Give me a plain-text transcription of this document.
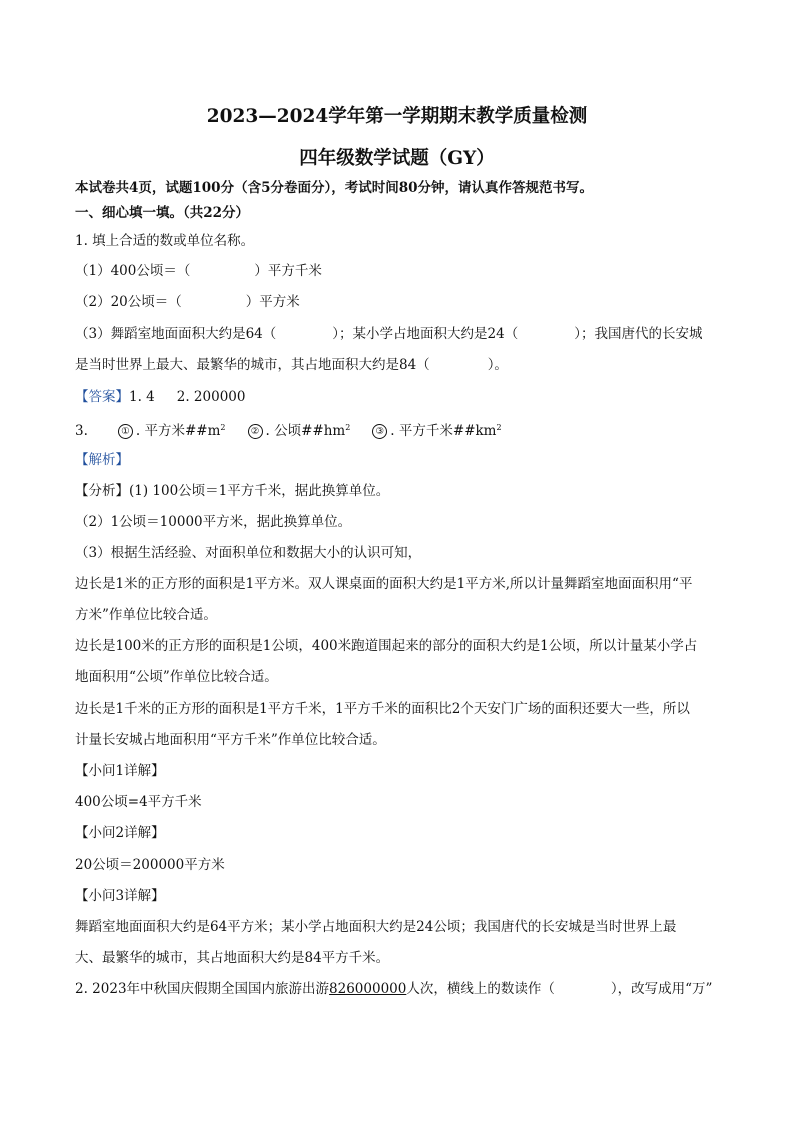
2023—2024学年第一学期期末教学质量检测
四年级数学试题（GY）
本试卷共4页，试题100分（含5分卷面分），考试时间80分钟，请认真作答规范书写。
一、细心填一填。（共22分）
1. 填上合适的数或单位名称。
（1）400公顷＝（	）平方千米
（2）20公顷＝（	）平方米
（3）舞蹈室地面面积大约是64（	）；某小学占地面积大约是24（	）；我国唐代的长安城
是当时世界上最大、最繁华的城市，其占地面积大约是84（	）。
【答案】1. 4 2. 200000
3.	① . 平方米$\#\#m^2$	② . 公顷$\#\#hm^2$	③ . 平方千米$\#\#km^2$
【解析】
【分析】(1) 100公顷＝1平方千米，据此换算单位。
（2）1公顷＝10000平方米，据此换算单位。
（3）根据生活经验、对面积单位和数据大小的认识可知，
边长是1米的正方形的面积是1平方米。双人课桌面的面积大约是1平方米,所以计量舞蹈室地面面积用“平
方米”作单位比较合适。
边长是100米的正方形的面积是1公顷，400米跑道围起来的部分的面积大约是1公顷，所以计量某小学占
地面积用“公顷”作单位比较合适。
边长是1千米的正方形的面积是1平方千米，1平方千米的面积比2个天安门广场的面积还要大一些，所以
计量长安城占地面积用“平方千米”作单位比较合适。
【小问1详解】
400公顷=4平方千米
【小问2详解】
20公顷＝200000平方米
【小问3详解】
舞蹈室地面面积大约是64平方米；某小学占地面积大约是24公顷；我国唐代的长安城是当时世界上最
大、最繁华的城市，其占地面积大约是84平方千米。
2. 2023年中秋国庆假期全国国内旅游出游826000000人次，横线上的数读作（	），改写成用“万”
